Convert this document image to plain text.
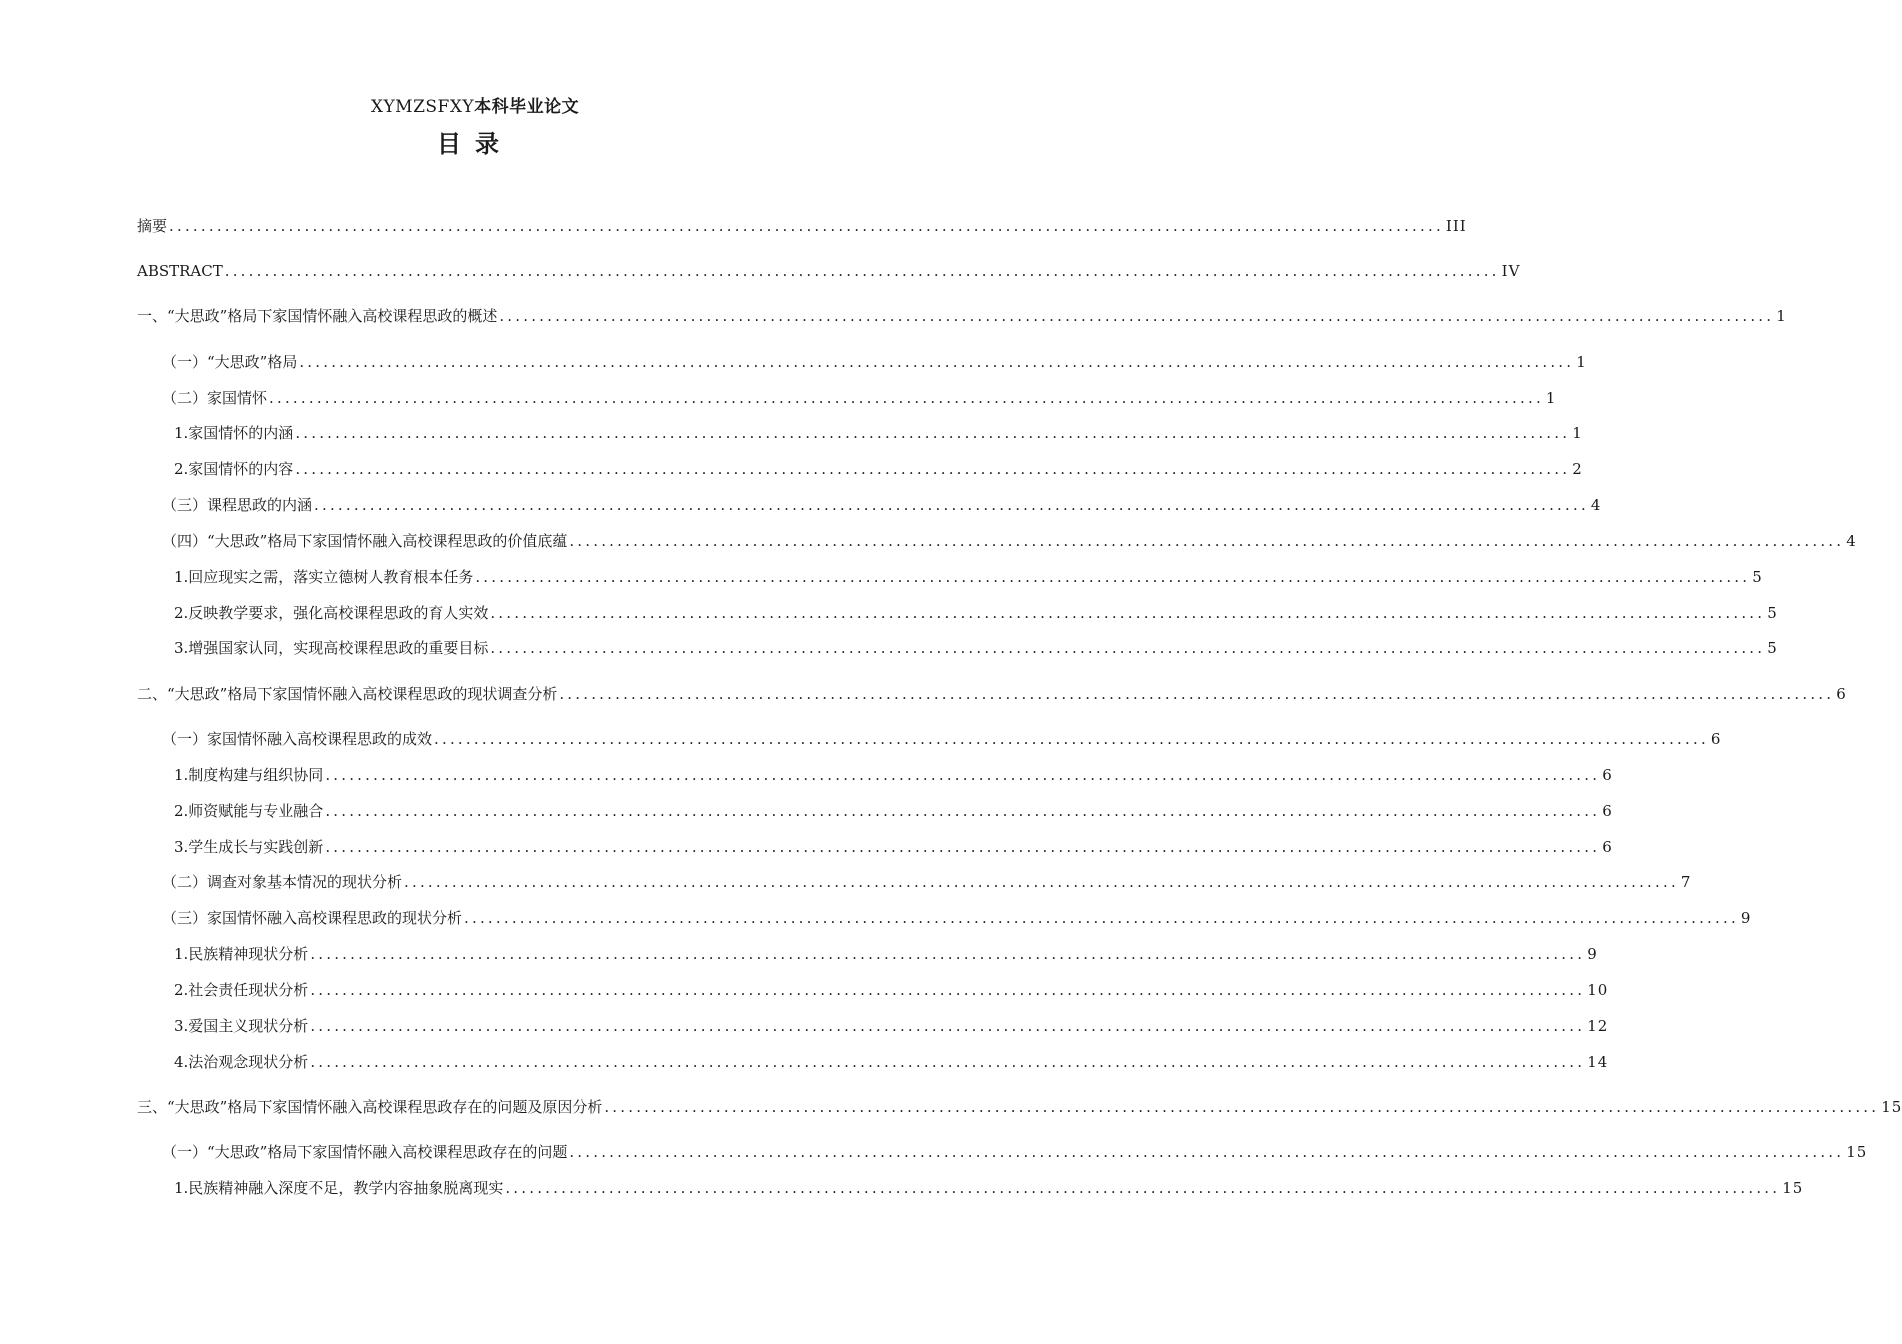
XYMZSFXY本科毕业论文
目录
摘要 ................................................................................................................................................................ III
ABSTRACT ................................................................................................................................................................ IV
一、“大思政”格局下家国情怀融入高校课程思政的概述 ................................................................................................................................................................ 1
（一）“大思政”格局 ................................................................................................................................................................ 1
（二）家国情怀 ................................................................................................................................................................ 1
1.家国情怀的内涵 ................................................................................................................................................................ 1
2.家国情怀的内容 ................................................................................................................................................................ 2
（三）课程思政的内涵 ................................................................................................................................................................ 4
（四）“大思政”格局下家国情怀融入高校课程思政的价值底蕴 ................................................................................................................................................................ 4
1.回应现实之需，落实立德树人教育根本任务 ................................................................................................................................................................ 5
2.反映教学要求，强化高校课程思政的育人实效 ................................................................................................................................................................ 5
3.增强国家认同，实现高校课程思政的重要目标 ................................................................................................................................................................ 5
二、“大思政”格局下家国情怀融入高校课程思政的现状调查分析 ................................................................................................................................................................ 6
（一）家国情怀融入高校课程思政的成效 ................................................................................................................................................................ 6
1.制度构建与组织协同 ................................................................................................................................................................ 6
2.师资赋能与专业融合 ................................................................................................................................................................ 6
3.学生成长与实践创新 ................................................................................................................................................................ 6
（二）调查对象基本情况的现状分析 ................................................................................................................................................................ 7
（三）家国情怀融入高校课程思政的现状分析 ................................................................................................................................................................ 9
1.民族精神现状分析 ................................................................................................................................................................ 9
2.社会责任现状分析 ................................................................................................................................................................ 10
3.爱国主义现状分析 ................................................................................................................................................................ 12
4.法治观念现状分析 ................................................................................................................................................................ 14
三、“大思政”格局下家国情怀融入高校课程思政存在的问题及原因分析 ................................................................................................................................................................ 15
（一）“大思政”格局下家国情怀融入高校课程思政存在的问题 ................................................................................................................................................................ 15
1.民族精神融入深度不足，教学内容抽象脱离现实 ................................................................................................................................................................ 15
